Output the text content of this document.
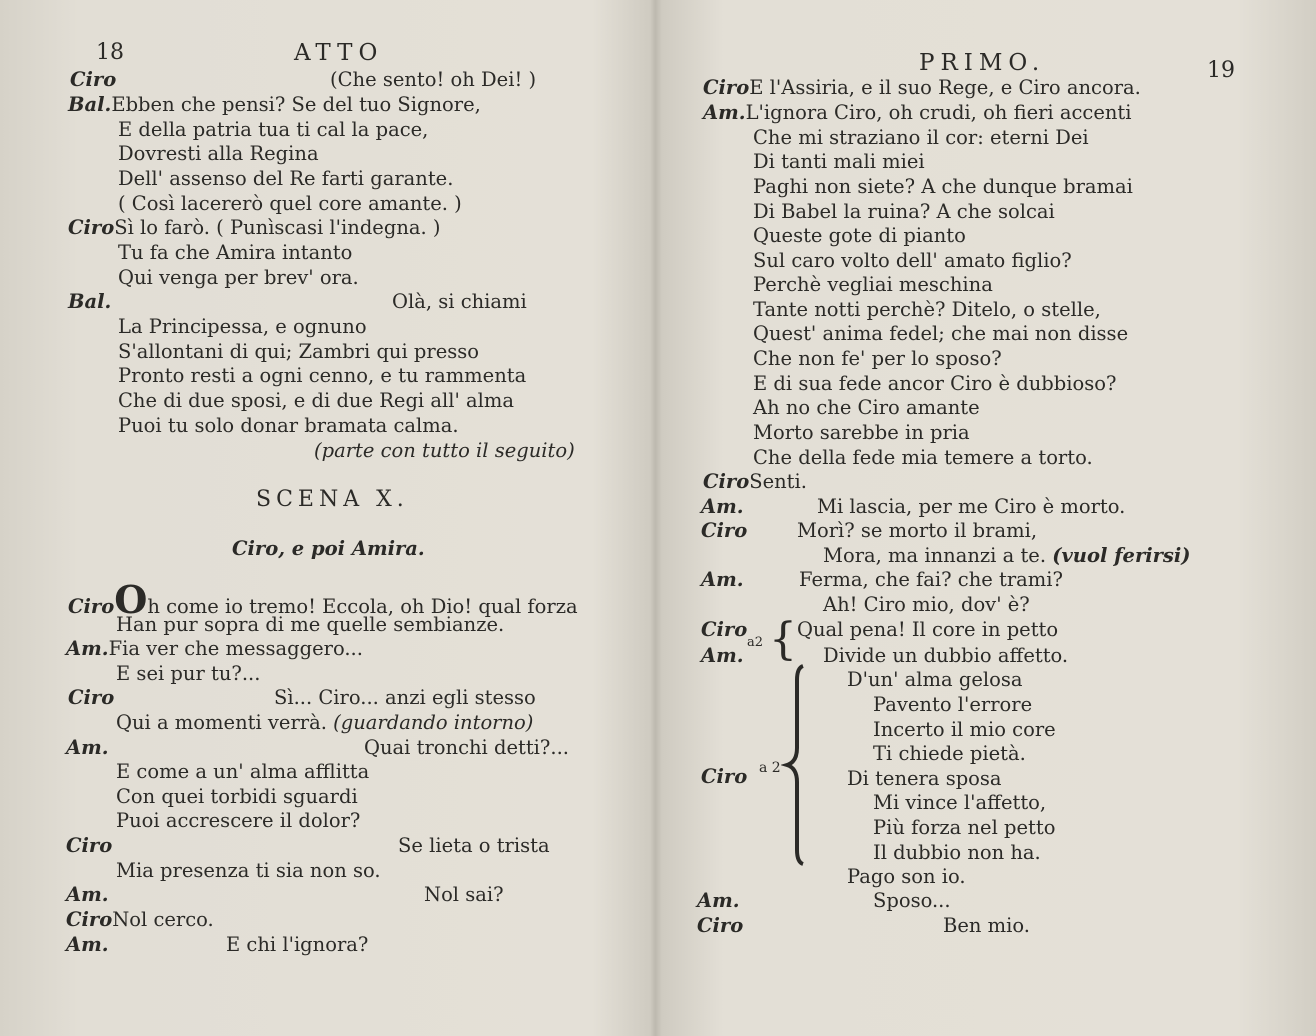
18	ATTO
Ciro	(Che sento! oh Dei! )
Bal.Ebben che pensi? Se del tuo Signore,
E della patria tua ti cal la pace,
Dovresti alla Regina
Dell' assenso del Re farti garante.
( Così lacererò quel core amante. )
CiroSì lo farò. ( Punìscasi l'indegna. )
Tu fa che Amira intanto
Qui venga per brev' ora.
Bal.	Olà, si chiami
La Principessa, e ognuno
S'allontani di qui; Zambri qui presso
Pronto resti a ogni cenno, e tu rammenta
Che di due sposi, e di due Regi all' alma
Puoi tu solo donar bramata calma.
(parte con tutto il seguito)
SCENA X.
Ciro, e poi Amira.
CiroOh come io tremo! Eccola, oh Dio! qual forza
Han pur sopra di me quelle sembianze.
Am.Fia ver che messaggero...
E sei pur tu?...
Ciro	Sì... Ciro... anzi egli stesso
Qui a momenti verrà. (guardando intorno)
Am.	Quai tronchi detti?...
E come a un' alma afflitta
Con quei torbidi sguardi
Puoi accrescere il dolor?
Ciro	Se lieta o trista
Mia presenza ti sia non so.
Am.	Nol sai?
CiroNol cerco.
Am.	E chi l'ignora?
PRIMO.	19
CiroE l'Assiria, e il suo Rege, e Ciro ancora.
Am.L'ignora Ciro, oh crudi, oh fieri accenti
Che mi straziano il cor: eterni Dei
Di tanti mali miei
Paghi non siete? A che dunque bramai
Di Babel la ruina? A che solcai
Queste gote di pianto
Sul caro volto dell' amato figlio?
Perchè vegliai meschina
Tante notti perchè? Ditelo, o stelle,
Quest' anima fedel; che mai non disse
Che non fe' per lo sposo?
E di sua fede ancor Ciro è dubbioso?
Ah no che Ciro amante
Morto sarebbe in pria
Che della fede mia temere a torto.
CiroSenti.
Am.	Mi lascia, per me Ciro è morto.
Ciro	Morì? se morto il brami,
Mora, ma innanzi a te. (vuol ferirsi)
Am.	Ferma, che fai? che trami?
Ah! Ciro mio, dov' è?
Ciro
Am.
a2 { Qual pena! Il core in petto
Divide un dubbio affetto.
Ciro a 2
D'un' alma gelosa
Pavento l'errore
Incerto il mio core
Ti chiede pietà.
Di tenera sposa
Mi vince l'affetto,
Più forza nel petto
Il dubbio non ha.
Pago son io.
Am.	Sposo...
Ciro	Ben mio.
